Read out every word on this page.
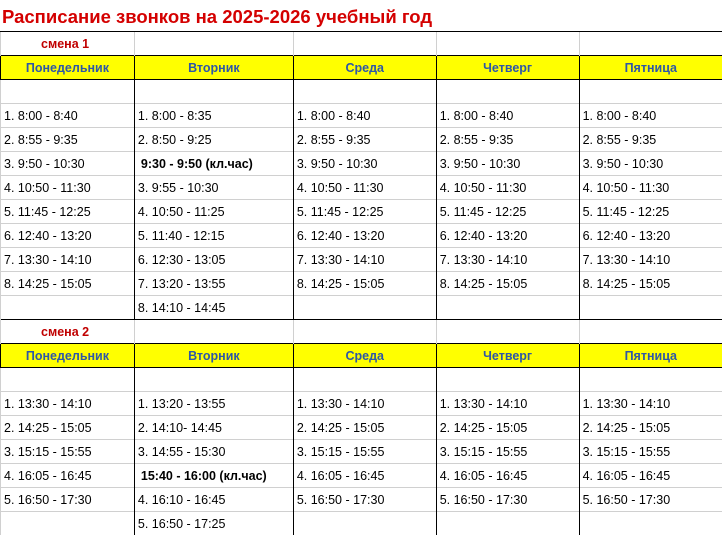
Расписание звонков на 2025-2026 учебный год
смена 1				
Понедельник	Вторник	Среда	Четверг	Пятница

1. 8:00 - 8:40	1. 8:00 - 8:35	1. 8:00 - 8:40	1. 8:00 - 8:40	1. 8:00 - 8:40
2. 8:55 - 9:35	2. 8:50 - 9:25	2. 8:55 - 9:35	2. 8:55 - 9:35	2. 8:55 - 9:35
3. 9:50 - 10:30	9:30 - 9:50 (кл.час)	3. 9:50 - 10:30	3. 9:50 - 10:30	3. 9:50 - 10:30
4. 10:50 - 11:30	3. 9:55 - 10:30	4. 10:50 - 11:30	4. 10:50 - 11:30	4. 10:50 - 11:30
5. 11:45 - 12:25	4. 10:50 - 11:25	5. 11:45 - 12:25	5. 11:45 - 12:25	5. 11:45 - 12:25
6. 12:40 - 13:20	5. 11:40 - 12:15	6. 12:40 - 13:20	6. 12:40 - 13:20	6. 12:40 - 13:20
7. 13:30 - 14:10	6. 12:30 - 13:05	7. 13:30 - 14:10	7. 13:30 - 14:10	7. 13:30 - 14:10
8. 14:25 - 15:05	7. 13:20 - 13:55	8. 14:25 - 15:05	8. 14:25 - 15:05	8. 14:25 - 15:05
	8. 14:10 - 14:45			
смена 2				
Понедельник	Вторник	Среда	Четверг	Пятница

1. 13:30 - 14:10	1. 13:20 - 13:55	1. 13:30 - 14:10	1. 13:30 - 14:10	1. 13:30 - 14:10
2. 14:25 - 15:05	2. 14:10- 14:45	2. 14:25 - 15:05	2. 14:25 - 15:05	2. 14:25 - 15:05
3. 15:15 - 15:55	3. 14:55 - 15:30	3. 15:15 - 15:55	3. 15:15 - 15:55	3. 15:15 - 15:55
4. 16:05 - 16:45	15:40 - 16:00 (кл.час)	4. 16:05 - 16:45	4. 16:05 - 16:45	4. 16:05 - 16:45
5. 16:50 - 17:30	4. 16:10 - 16:45	5. 16:50 - 17:30	5. 16:50 - 17:30	5. 16:50 - 17:30
	5. 16:50 - 17:25			
